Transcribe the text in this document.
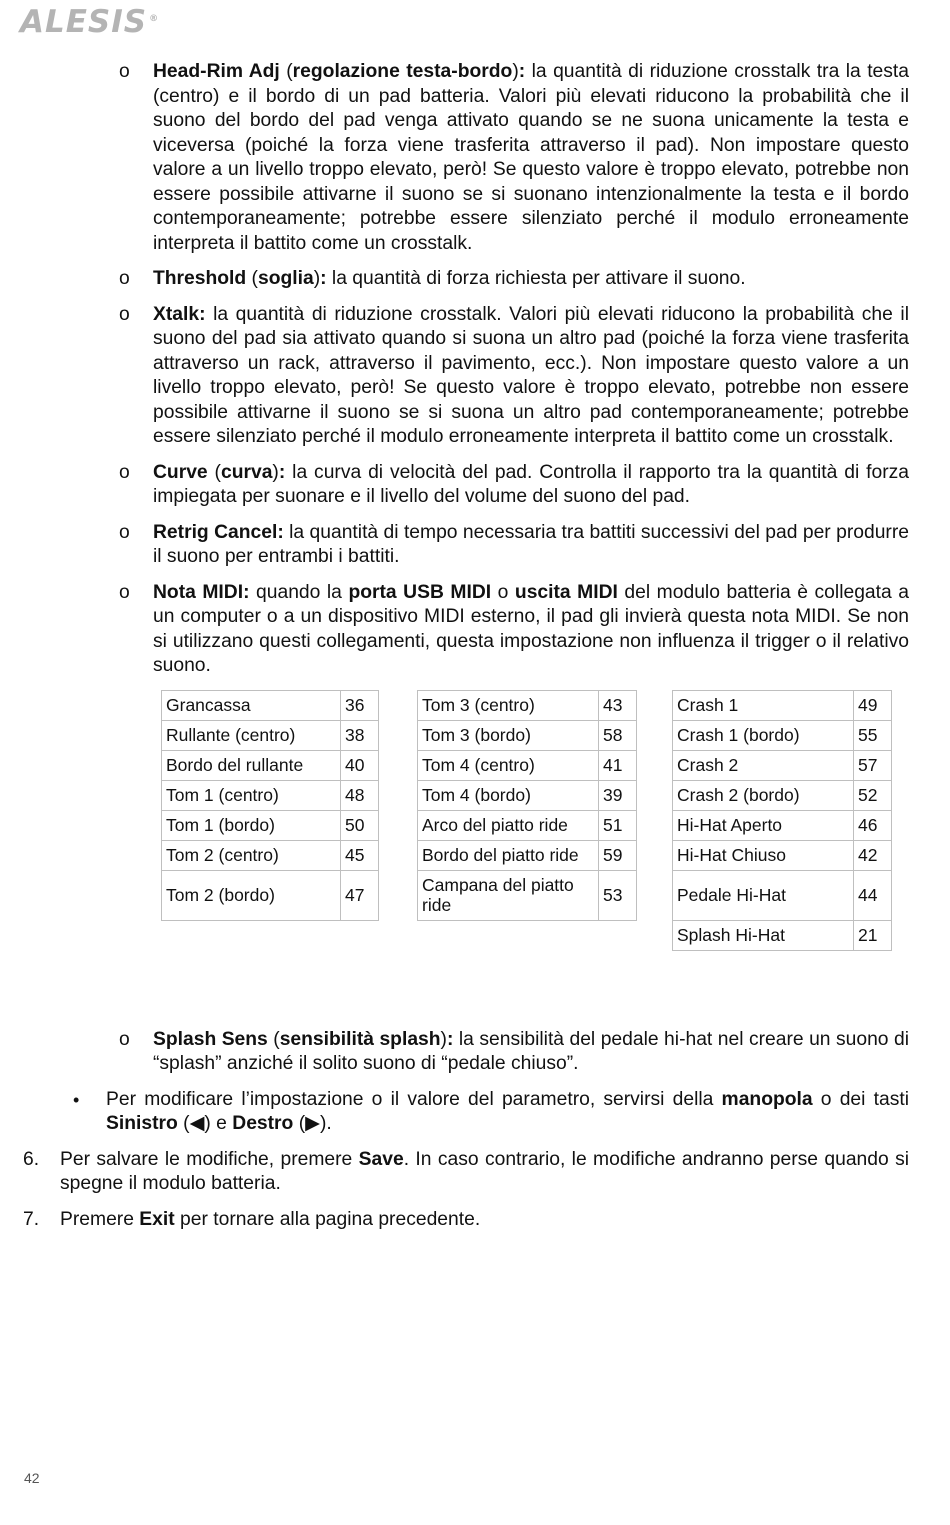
ALESIS ®
o Head-Rim Adj (regolazione testa-bordo): la quantità di riduzione crosstalk tra la testa (centro) e il bordo di un pad batteria. Valori più elevati riducono la probabilità che il suono del bordo del pad venga attivato quando se ne suona unicamente la testa e viceversa (poiché la forza viene trasferita attraverso il pad). Non impostare questo valore a un livello troppo elevato, però! Se questo valore è troppo elevato, potrebbe non essere possibile attivarne il suono se si suonano intenzionalmente la testa e il bordo contemporaneamente; potrebbe essere silenziato perché il modulo erroneamente interpreta il battito come un crosstalk.
o Threshold (soglia): la quantità di forza richiesta per attivare il suono.
o Xtalk: la quantità di riduzione crosstalk. Valori più elevati riducono la probabilità che il suono del pad sia attivato quando si suona un altro pad (poiché la forza viene trasferita attraverso un rack, attraverso il pavimento, ecc.). Non impostare questo valore a un livello troppo elevato, però! Se questo valore è troppo elevato, potrebbe non essere possibile attivarne il suono se si suona un altro pad contemporaneamente; potrebbe essere silenziato perché il modulo erroneamente interpreta il battito come un crosstalk.
o Curve (curva): la curva di velocità del pad. Controlla il rapporto tra la quantità di forza impiegata per suonare e il livello del volume del suono del pad.
o Retrig Cancel: la quantità di tempo necessaria tra battiti successivi del pad per produrre il suono per entrambi i battiti.
o Nota MIDI: quando la porta USB MIDI o uscita MIDI del modulo batteria è collegata a un computer o a un dispositivo MIDI esterno, il pad gli invierà questa nota MIDI. Se non si utilizzano questi collegamenti, questa impostazione non influenza il trigger o il relativo suono.
Grancassa	36
Rullante (centro)	38
Bordo del rullante	40
Tom 1 (centro)	48
Tom 1 (bordo)	50
Tom 2 (centro)	45
Tom 2 (bordo)	47
Tom 3 (centro)	43
Tom 3 (bordo)	58
Tom 4 (centro)	41
Tom 4 (bordo)	39
Arco del piatto ride	51
Bordo del piatto ride	59
Campana del piatto ride	53
Crash 1	49
Crash 1 (bordo)	55
Crash 2	57
Crash 2 (bordo)	52
Hi-Hat Aperto	46
Hi-Hat Chiuso	42
Pedale Hi-Hat	44
Splash Hi-Hat	21
o Splash Sens (sensibilità splash): la sensibilità del pedale hi-hat nel creare un suono di “splash” anziché il solito suono di “pedale chiuso”.
• Per modificare l’impostazione o il valore del parametro, servirsi della manopola o dei tasti Sinistro (◀) e Destro (▶).
6. Per salvare le modifiche, premere Save. In caso contrario, le modifiche andranno perse quando si spegne il modulo batteria.
7. Premere Exit per tornare alla pagina precedente.
42
